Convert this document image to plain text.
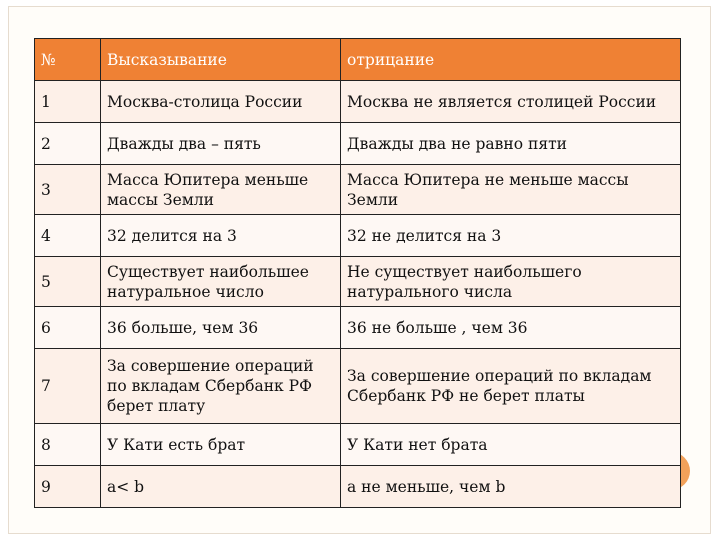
№	Высказывание	отрицание
1	Москва-столица России	Москва не является столицей России
2	Дважды два – пять	Дважды два не равно пяти
3	Масса Юпитера меньше массы Земли	Масса Юпитера не меньше массы Земли
4	32 делится на 3	32 не делится на 3
5	Существует наибольшее натуральное число	Не существует наибольшего натурального числа
6	36 больше, чем 36	36 не больше , чем 36
7	За совершение операций по вкладам Сбербанк РФ берет плату	За совершение операций по вкладам Сбербанк РФ не берет платы
8	У Кати есть брат	У Кати нет брата
9	a< b	a не меньше, чем b
